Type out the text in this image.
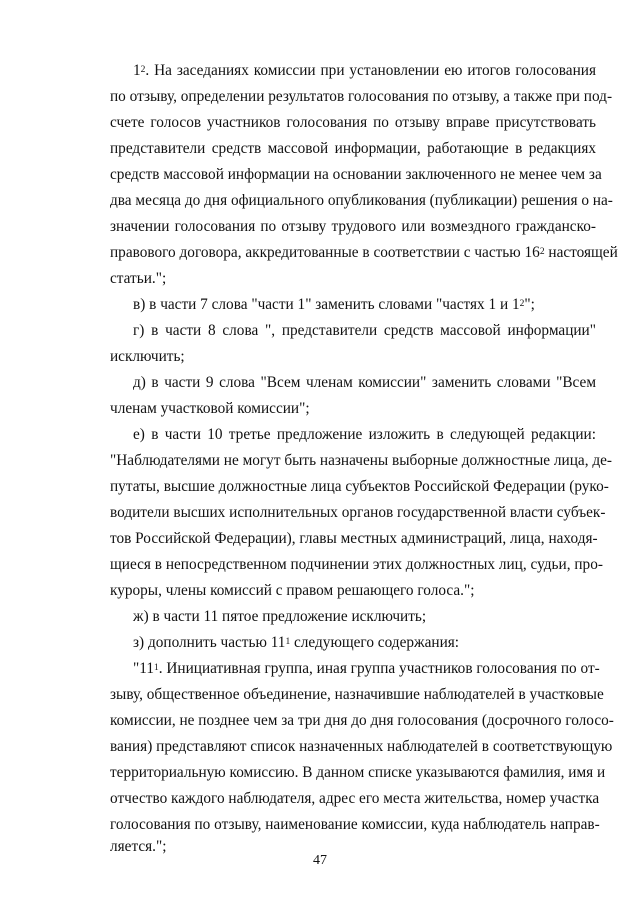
$1^2$. На заседаниях комиссии при установлении ею итогов голосования
по отзыву, определении результатов голосования по отзыву, а также при под-
счете голосов участников голосования по отзыву вправе присутствовать
представители средств массовой информации, работающие в редакциях
средств массовой информации на основании заключенного не менее чем за
два месяца до дня официального опубликования (публикации) решения о на-
значении голосования по отзыву трудового или возмездного гражданско-
правового договора, аккредитованные в соответствии с частью $16^2$ настоящей
статьи.";
в) в части 7 слова "части 1" заменить словами "частях 1 и $1^2$";
г) в части 8 слова ", представители средств массовой информации"
исключить;
д) в части 9 слова "Всем членам комиссии" заменить словами "Всем
членам участковой комиссии";
е) в части 10 третье предложение изложить в следующей редакции:
"Наблюдателями не могут быть назначены выборные должностные лица, де-
путаты, высшие должностные лица субъектов Российской Федерации (руко-
водители высших исполнительных органов государственной власти субъек-
тов Российской Федерации), главы местных администраций, лица, находя-
щиеся в непосредственном подчинении этих должностных лиц, судьи, про-
куроры, члены комиссий с правом решающего голоса.";
ж) в части 11 пятое предложение исключить;
з) дополнить частью $11^1$ следующего содержания:
"$11^1$. Инициативная группа, иная группа участников голосования по от-
зыву, общественное объединение, назначившие наблюдателей в участковые
комиссии, не позднее чем за три дня до дня голосования (досрочного голосо-
вания) представляют список назначенных наблюдателей в соответствующую
территориальную комиссию. В данном списке указываются фамилия, имя и
отчество каждого наблюдателя, адрес его места жительства, номер участка
голосования по отзыву, наименование комиссии, куда наблюдатель направ-
ляется.";
47
